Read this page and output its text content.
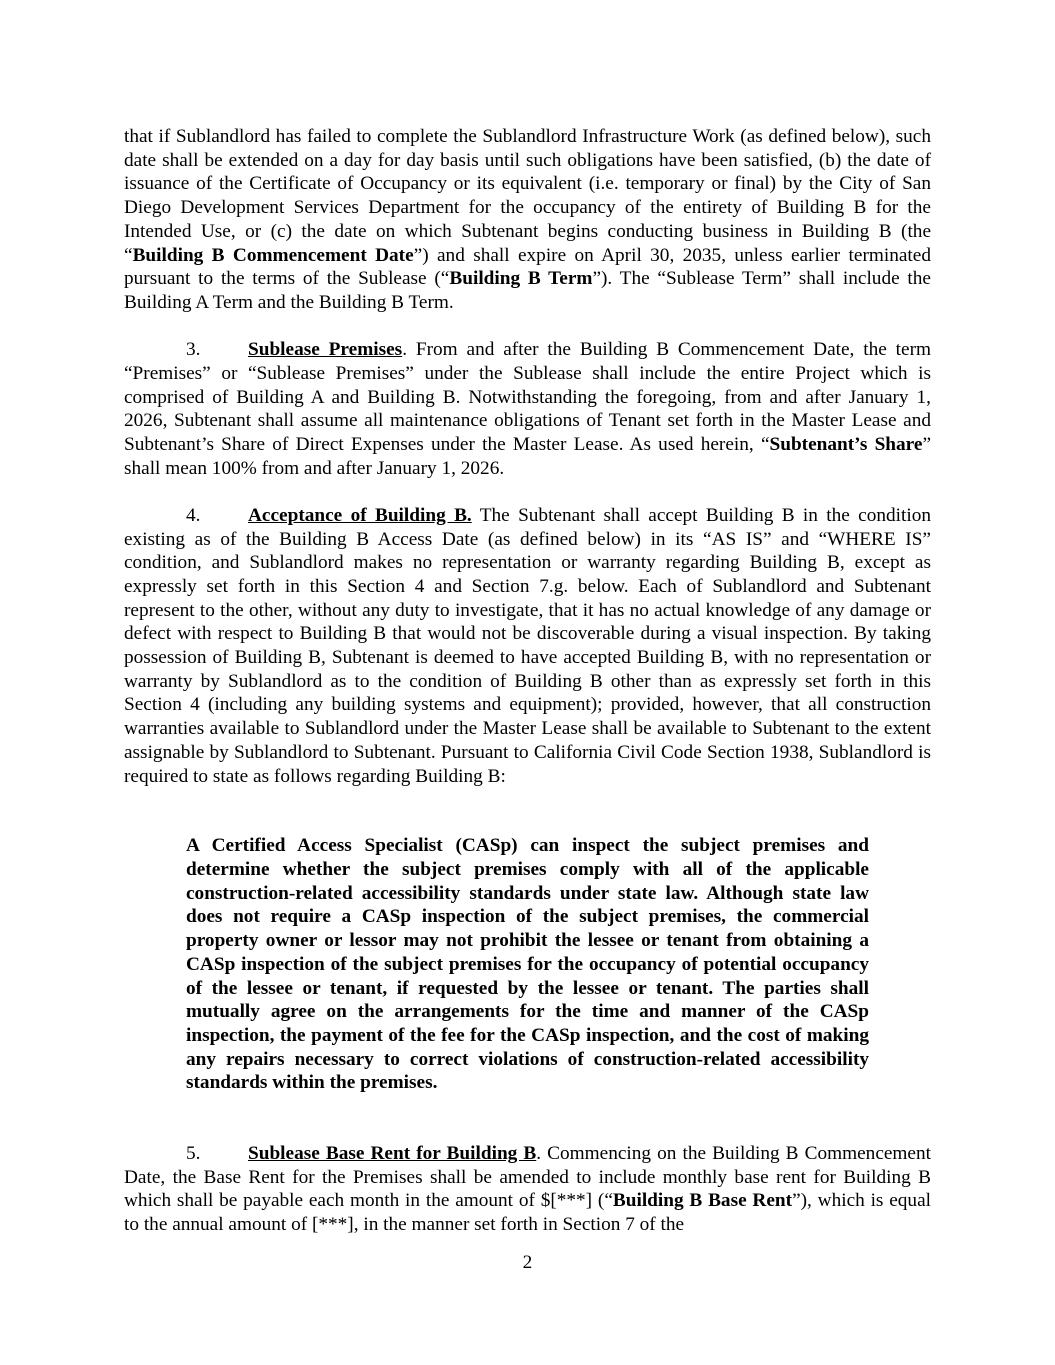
that if Sublandlord has failed to complete the Sublandlord Infrastructure Work (as defined below), such date shall be extended on a day for day basis until such obligations have been satisfied, (b) the date of issuance of the Certificate of Occupancy or its equivalent (i.e. temporary or final) by the City of San Diego Development Services Department for the occupancy of the entirety of Building B for the Intended Use, or (c) the date on which Subtenant begins conducting business in Building B (the “Building B Commencement Date”) and shall expire on April 30, 2035, unless earlier terminated pursuant to the terms of the Sublease (“Building B Term”). The “Sublease Term” shall include the Building A Term and the Building B Term.

3. Sublease Premises. From and after the Building B Commencement Date, the term “Premises” or “Sublease Premises” under the Sublease shall include the entire Project which is comprised of Building A and Building B. Notwithstanding the foregoing, from and after January 1, 2026, Subtenant shall assume all maintenance obligations of Tenant set forth in the Master Lease and Subtenant’s Share of Direct Expenses under the Master Lease. As used herein, “Subtenant’s Share” shall mean 100% from and after January 1, 2026.

4. Acceptance of Building B. The Subtenant shall accept Building B in the condition existing as of the Building B Access Date (as defined below) in its “AS IS” and “WHERE IS” condition, and Sublandlord makes no representation or warranty regarding Building B, except as expressly set forth in this Section 4 and Section 7.g. below. Each of Sublandlord and Subtenant represent to the other, without any duty to investigate, that it has no actual knowledge of any damage or defect with respect to Building B that would not be discoverable during a visual inspection. By taking possession of Building B, Subtenant is deemed to have accepted Building B, with no representation or warranty by Sublandlord as to the condition of Building B other than as expressly set forth in this Section 4 (including any building systems and equipment); provided, however, that all construction warranties available to Sublandlord under the Master Lease shall be available to Subtenant to the extent assignable by Sublandlord to Subtenant. Pursuant to California Civil Code Section 1938, Sublandlord is required to state as follows regarding Building B:

A Certified Access Specialist (CASp) can inspect the subject premises and determine whether the subject premises comply with all of the applicable construction-related accessibility standards under state law. Although state law does not require a CASp inspection of the subject premises, the commercial property owner or lessor may not prohibit the lessee or tenant from obtaining a CASp inspection of the subject premises for the occupancy of potential occupancy of the lessee or tenant, if requested by the lessee or tenant. The parties shall mutually agree on the arrangements for the time and manner of the CASp inspection, the payment of the fee for the CASp inspection, and the cost of making any repairs necessary to correct violations of construction-related accessibility standards within the premises.

5. Sublease Base Rent for Building B. Commencing on the Building B Commencement Date, the Base Rent for the Premises shall be amended to include monthly base rent for Building B which shall be payable each month in the amount of $[***] (“Building B Base Rent”), which is equal to the annual amount of [***], in the manner set forth in Section 7 of the

2
